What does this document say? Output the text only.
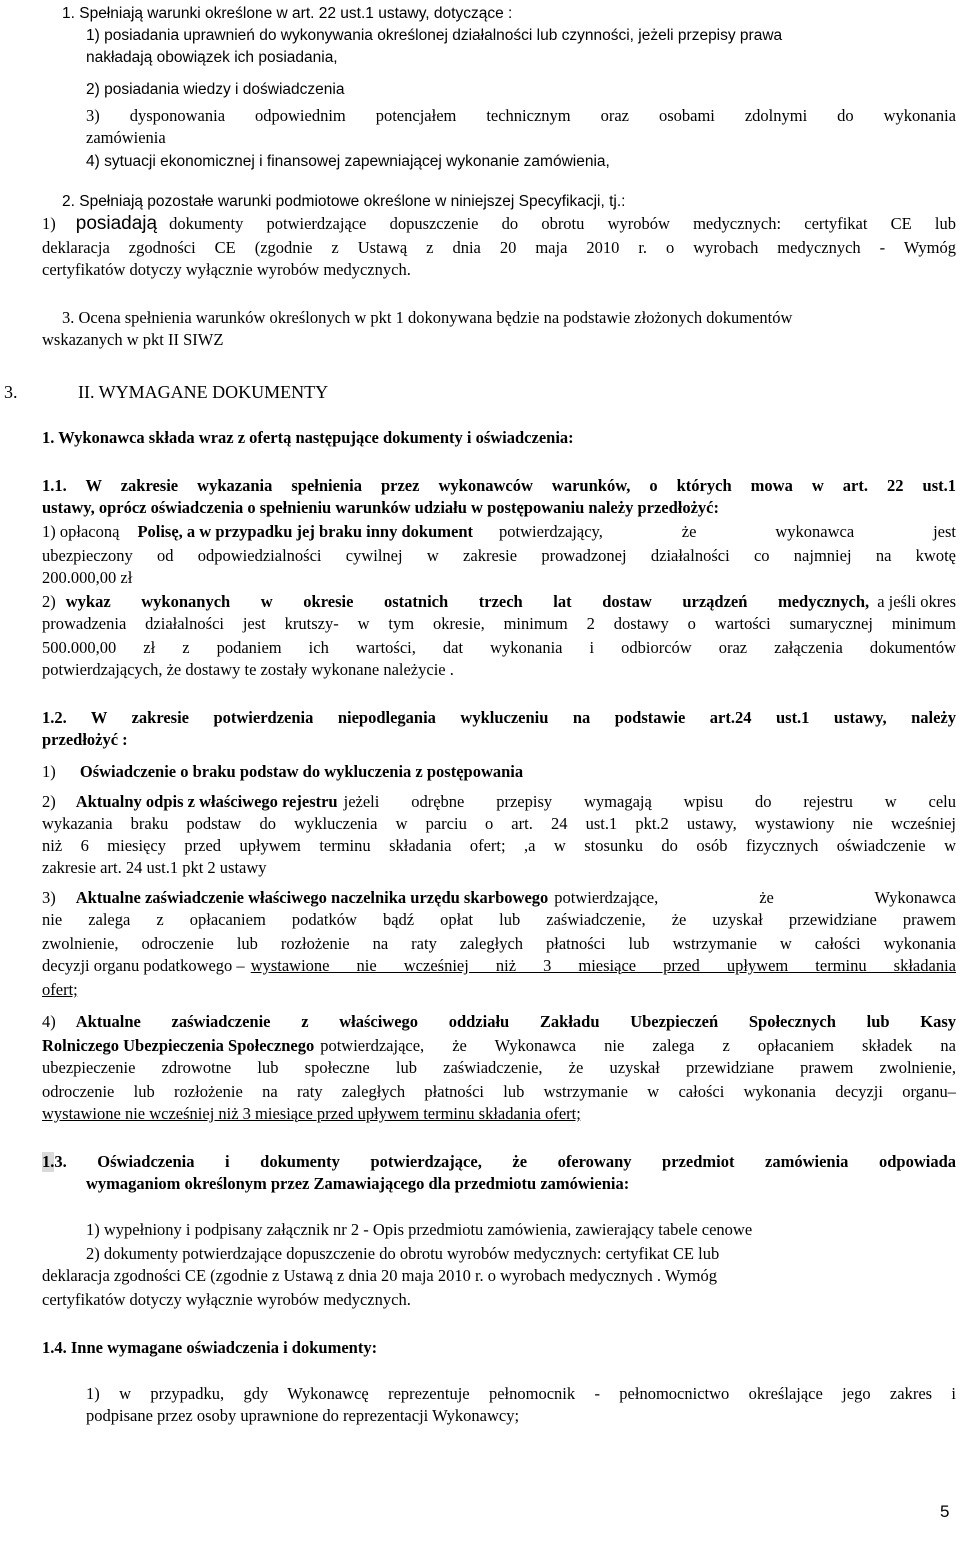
1. Spełniają warunki określone w art. 22 ust.1 ustawy, dotyczące :
1) posiadania uprawnień do wykonywania określonej działalności lub czynności, jeżeli przepisy prawa
nakładają obowiązek ich posiadania,
2) posiadania wiedzy i doświadczenia
3) dysponowania odpowiednim potencjałem technicznym oraz osobami zdolnymi do wykonania
zamówienia
4) sytuacji ekonomicznej i finansowej zapewniającej wykonanie zamówienia,
2. Spełniają pozostałe warunki podmiotowe określone w niniejszej Specyfikacji, tj.:
1) posiadają dokumenty potwierdzające dopuszczenie do obrotu wyrobów medycznych: certyfikat CE lub
deklaracja zgodności CE (zgodnie z Ustawą z dnia 20 maja 2010 r. o wyrobach medycznych - Wymóg
certyfikatów dotyczy wyłącznie wyrobów medycznych.
3. Ocena spełnienia warunków określonych w pkt 1 dokonywana będzie na podstawie złożonych dokumentów
wskazanych w pkt II SIWZ
3.	II. WYMAGANE DOKUMENTY
1. Wykonawca składa wraz z ofertą następujące dokumenty i oświadczenia:
1.1. W zakresie wykazania spełnienia przez wykonawców warunków, o których mowa w art. 22 ust.1
ustawy, oprócz oświadczenia o spełnieniu warunków udziału w postępowaniu należy przedłożyć:
1) opłaconą Polisę, a w przypadku jej braku inny dokument potwierdzający, że wykonawca jest
ubezpieczony od odpowiedzialności cywilnej w zakresie prowadzonej działalności co najmniej na kwotę
200.000,00 zł
2) wykaz wykonanych w okresie ostatnich trzech lat dostaw urządzeń medycznych, a jeśli okres
prowadzenia działalności jest krutszy- w tym okresie, minimum 2 dostawy o wartości sumarycznej minimum
500.000,00 zł z podaniem ich wartości, dat wykonania i odbiorców oraz załączenia dokumentów
potwierdzających, że dostawy te zostały wykonane należycie .
1.2. W zakresie potwierdzenia niepodlegania wykluczeniu na podstawie art.24 ust.1 ustawy, należy
przedłożyć :
1) Oświadczenie o braku podstaw do wykluczenia z postępowania
2) Aktualny odpis z właściwego rejestru jeżeli odrębne przepisy wymagają wpisu do rejestru w celu
wykazania braku podstaw do wykluczenia w parciu o art. 24 ust.1 pkt.2 ustawy, wystawiony nie wcześniej
niż 6 miesięcy przed upływem terminu składania ofert; ,a w stosunku do osób fizycznych oświadczenie w
zakresie art. 24 ust.1 pkt 2 ustawy
3) Aktualne zaświadczenie właściwego naczelnika urzędu skarbowego potwierdzające, że Wykonawca
nie zalega z opłacaniem podatków bądź opłat lub zaświadczenie, że uzyskał przewidziane prawem
zwolnienie, odroczenie lub rozłożenie na raty zaległych płatności lub wstrzymanie w całości wykonania
decyzji organu podatkowego – wystawione nie wcześniej niż 3 miesiące przed upływem terminu składania
ofert;
4) Aktualne zaświadczenie z właściwego oddziału Zakładu Ubezpieczeń Społecznych lub Kasy
Rolniczego Ubezpieczenia Społecznego potwierdzające, że Wykonawca nie zalega z opłacaniem składek na
ubezpieczenie zdrowotne lub społeczne lub zaświadczenie, że uzyskał przewidziane prawem zwolnienie,
odroczenie lub rozłożenie na raty zaległych płatności lub wstrzymanie w całości wykonania decyzji organu–
wystawione nie wcześniej niż 3 miesiące przed upływem terminu składania ofert;
1. 3. Oświadczenia i dokumenty potwierdzające, że oferowany przedmiot zamówienia odpowiada
wymaganiom określonym przez Zamawiającego dla przedmiotu zamówienia:
1) wypełniony i podpisany załącznik nr 2 - Opis przedmiotu zamówienia, zawierający tabele cenowe
2) dokumenty potwierdzające dopuszczenie do obrotu wyrobów medycznych: certyfikat CE lub
deklaracja zgodności CE (zgodnie z Ustawą z dnia 20 maja 2010 r. o wyrobach medycznych . Wymóg
certyfikatów dotyczy wyłącznie wyrobów medycznych.
1.4. Inne wymagane oświadczenia i dokumenty:
1) w przypadku, gdy Wykonawcę reprezentuje pełnomocnik - pełnomocnictwo określające jego zakres i
podpisane przez osoby uprawnione do reprezentacji Wykonawcy;
5
